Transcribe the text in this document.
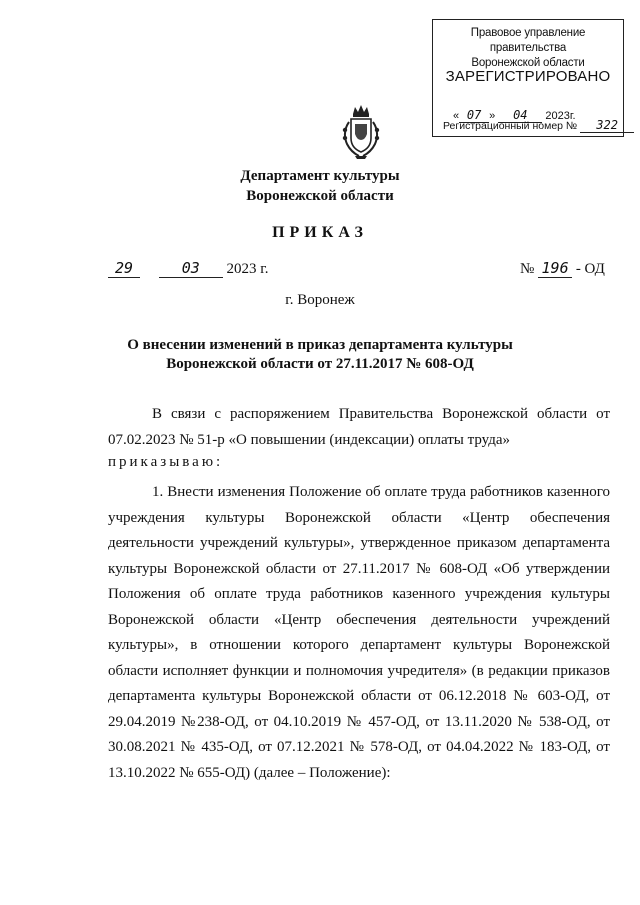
Правовое управление правительства
Воронежской области
ЗАРЕГИСТРИРОВАНО
« 07 » 04 2023г.
Регистрационный номер № 322
Департамент культуры
Воронежской области
ПРИКАЗ
29	03 2023 г.	№ 196 - ОД
г. Воронеж
О внесении изменений в приказ департамента культуры
Воронежской области от 27.11.2017 № 608-ОД
В связи с распоряжением Правительства Воронежской области от 07.02.2023 № 51-р «О повышении (индексации) оплаты труда»
приказываю:
1. Внести изменения Положение об оплате труда работников казенного учреждения культуры Воронежской области «Центр обеспечения деятельности учреждений культуры», утвержденное приказом департамента культуры Воронежской области от 27.11.2017 № 608-ОД «Об утверждении Положения об оплате труда работников казенного учреждения культуры Воронежской области «Центр обеспечения деятельности учреждений культуры», в отношении которого департамент культуры Воронежской области исполняет функции и полномочия учредителя» (в редакции приказов департамента культуры Воронежской области от 06.12.2018 № 603-ОД, от 29.04.2019 №238-ОД, от 04.10.2019 № 457-ОД, от 13.11.2020 № 538-ОД, от 30.08.2021 № 435-ОД, от 07.12.2021 № 578-ОД, от 04.04.2022 № 183-ОД, от 13.10.2022 № 655-ОД) (далее – Положение):
